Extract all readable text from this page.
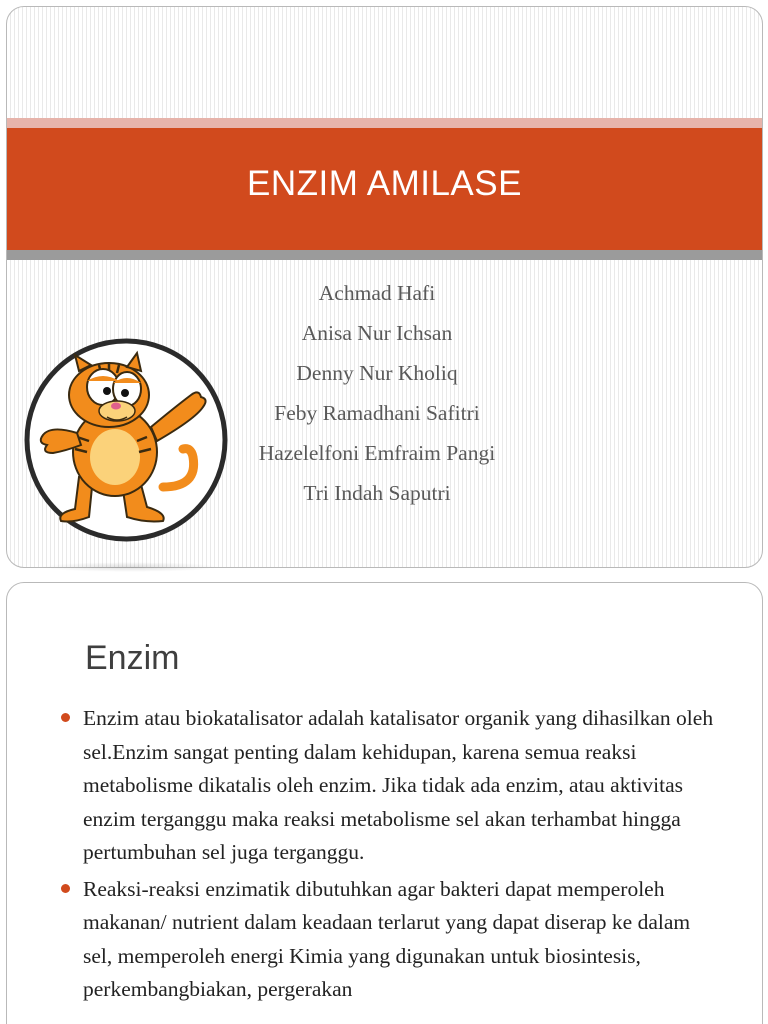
ENZIM AMILASE
Achmad Hafi
Anisa Nur Ichsan
Denny Nur Kholiq
Feby Ramadhani Safitri
Hazelelfoni Emfraim Pangi
Tri Indah Saputri
Enzim
Enzim atau biokatalisator adalah katalisator organik yang dihasilkan oleh sel.Enzim sangat penting dalam kehidupan, karena semua reaksi metabolisme dikatalis oleh enzim. Jika tidak ada enzim, atau aktivitas enzim terganggu maka reaksi metabolisme sel akan terhambat hingga pertumbuhan sel juga terganggu.
Reaksi-reaksi enzimatik dibutuhkan agar bakteri dapat memperoleh makanan/ nutrient dalam keadaan terlarut yang dapat diserap ke dalam sel, memperoleh energi Kimia yang digunakan untuk biosintesis, perkembangbiakan, pergerakan
